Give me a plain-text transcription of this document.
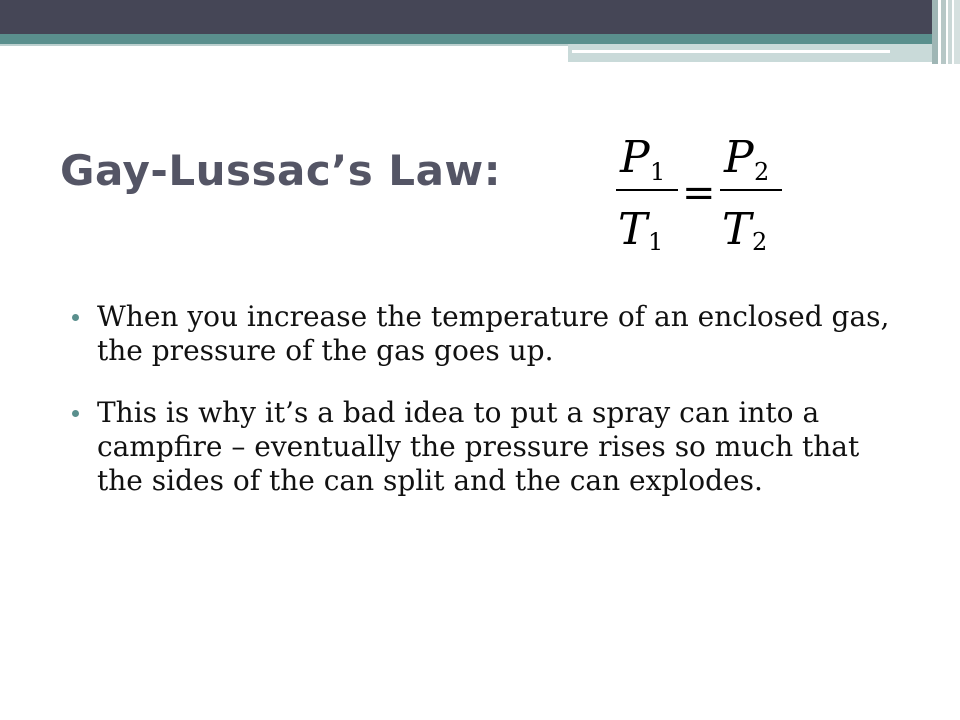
Gay-Lussac’s Law:	P 1
T 1
=
P 2
T 2
When you increase the temperature of an enclosed gas, the pressure of the gas goes up.
This is why it’s a bad idea to put a spray can into a campfire – eventually the pressure rises so much that the sides of the can split and the can explodes.
